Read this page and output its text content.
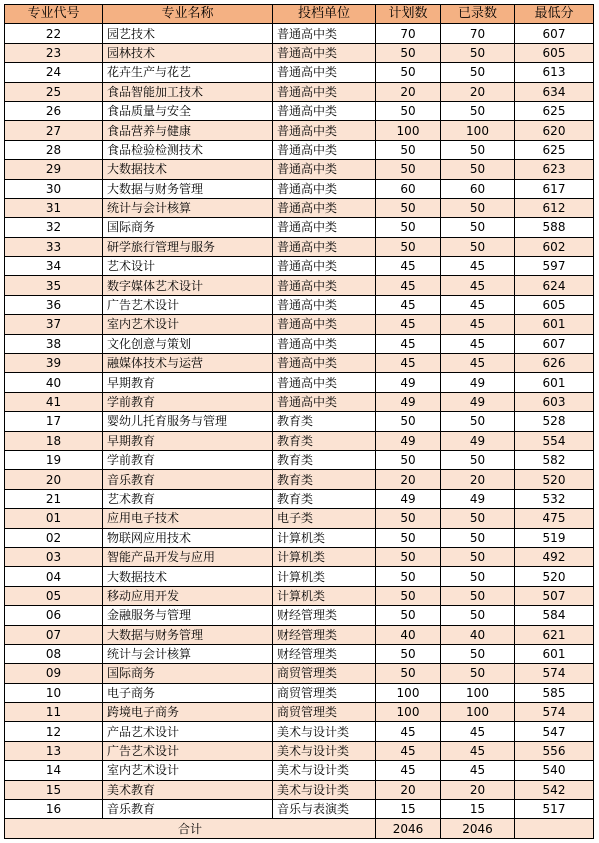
专业代号	专业名称	投档单位	计划数	已录数	最低分
22	园艺技术	普通高中类	70	70	607
23	园林技术	普通高中类	50	50	605
24	花卉生产与花艺	普通高中类	50	50	613
25	食品智能加工技术	普通高中类	20	20	634
26	食品质量与安全	普通高中类	50	50	625
27	食品营养与健康	普通高中类	100	100	620
28	食品检验检测技术	普通高中类	50	50	625
29	大数据技术	普通高中类	50	50	623
30	大数据与财务管理	普通高中类	60	60	617
31	统计与会计核算	普通高中类	50	50	612
32	国际商务	普通高中类	50	50	588
33	研学旅行管理与服务	普通高中类	50	50	602
34	艺术设计	普通高中类	45	45	597
35	数字媒体艺术设计	普通高中类	45	45	624
36	广告艺术设计	普通高中类	45	45	605
37	室内艺术设计	普通高中类	45	45	601
38	文化创意与策划	普通高中类	45	45	607
39	融媒体技术与运营	普通高中类	45	45	626
40	早期教育	普通高中类	49	49	601
41	学前教育	普通高中类	49	49	603
17	婴幼儿托育服务与管理	教育类	50	50	528
18	早期教育	教育类	49	49	554
19	学前教育	教育类	50	50	582
20	音乐教育	教育类	20	20	520
21	艺术教育	教育类	49	49	532
01	应用电子技术	电子类	50	50	475
02	物联网应用技术	计算机类	50	50	519
03	智能产品开发与应用	计算机类	50	50	492
04	大数据技术	计算机类	50	50	520
05	移动应用开发	计算机类	50	50	507
06	金融服务与管理	财经管理类	50	50	584
07	大数据与财务管理	财经管理类	40	40	621
08	统计与会计核算	财经管理类	50	50	601
09	国际商务	商贸管理类	50	50	574
10	电子商务	商贸管理类	100	100	585
11	跨境电子商务	商贸管理类	100	100	574
12	产品艺术设计	美术与设计类	45	45	547
13	广告艺术设计	美术与设计类	45	45	556
14	室内艺术设计	美术与设计类	45	45	540
15	美术教育	美术与设计类	20	20	542
16	音乐教育	音乐与表演类	15	15	517
合计			2046	2046	
